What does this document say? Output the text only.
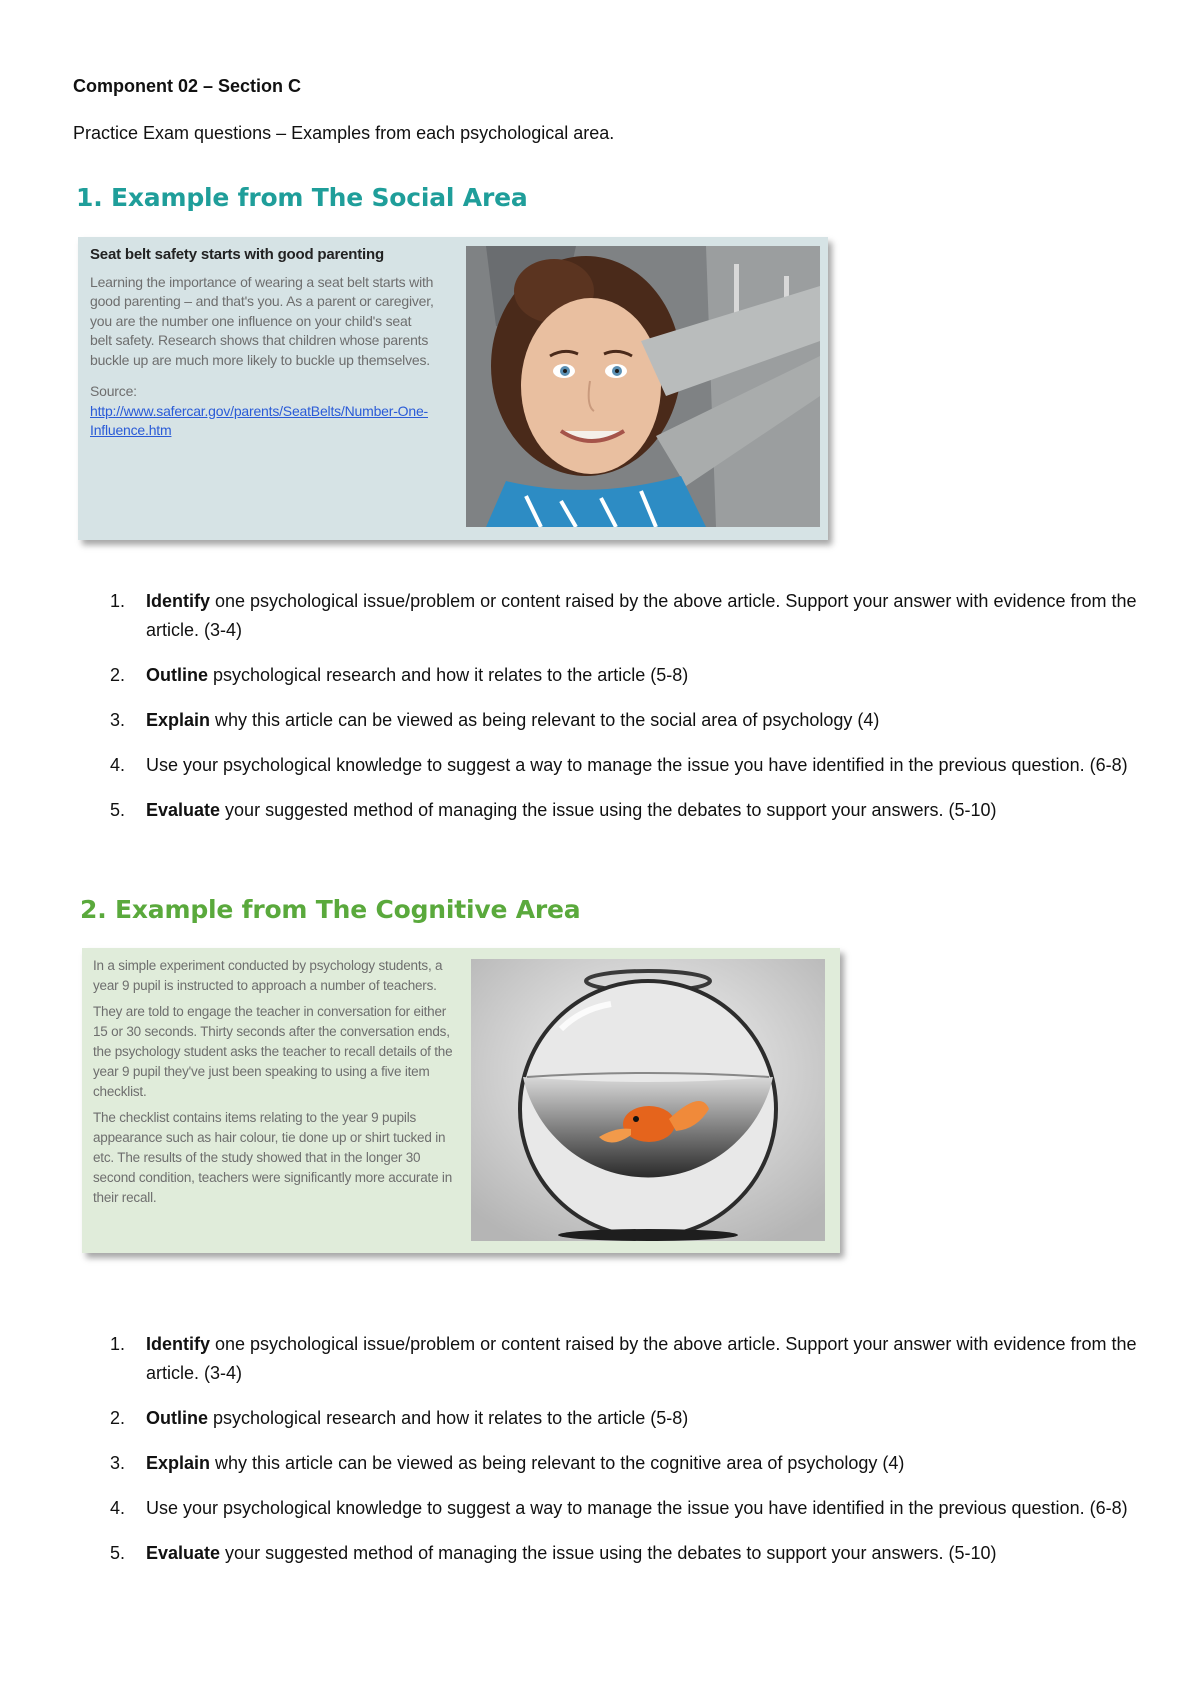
Component 02 – Section C

Practice Exam questions – Examples from each psychological area.

1. Example from The Social Area
Seat belt safety starts with good parenting

Learning the importance of wearing a seat belt starts with good parenting – and that's you. As a parent or caregiver, you are the number one influence on your child's seat belt safety. Research shows that children whose parents buckle up are much more likely to buckle up themselves.

Source: http://www.safercar.gov/parents/SeatBelts/Number-One-Influence.htm

1.	Identify one psychological issue/problem or content raised by the above article. Support your answer with evidence from the article. (3-4)
2.	Outline psychological research and how it relates to the article (5-8)
3.	Explain why this article can be viewed as being relevant to the social area of psychology (4)
4.	Use your psychological knowledge to suggest a way to manage the issue you have identified in the previous question. (6-8)
5.	Evaluate your suggested method of managing the issue using the debates to support your answers. (5-10)
2. Example from The Cognitive Area

In a simple experiment conducted by psychology students, a year 9 pupil is instructed to approach a number of teachers.

They are told to engage the teacher in conversation for either 15 or 30 seconds. Thirty seconds after the conversation ends, the psychology student asks the teacher to recall details of the year 9 pupil they've just been speaking to using a five item checklist.

The checklist contains items relating to the year 9 pupils appearance such as hair colour, tie done up or shirt tucked in etc. The results of the study showed that in the longer 30 second condition, teachers were significantly more accurate in their recall.

1.	Identify one psychological issue/problem or content raised by the above article. Support your answer with evidence from the article. (3-4)
2.	Outline psychological research and how it relates to the article (5-8)
3.	Explain why this article can be viewed as being relevant to the cognitive area of psychology (4)
4.	Use your psychological knowledge to suggest a way to manage the issue you have identified in the previous question. (6-8)
5.	Evaluate your suggested method of managing the issue using the debates to support your answers. (5-10)
